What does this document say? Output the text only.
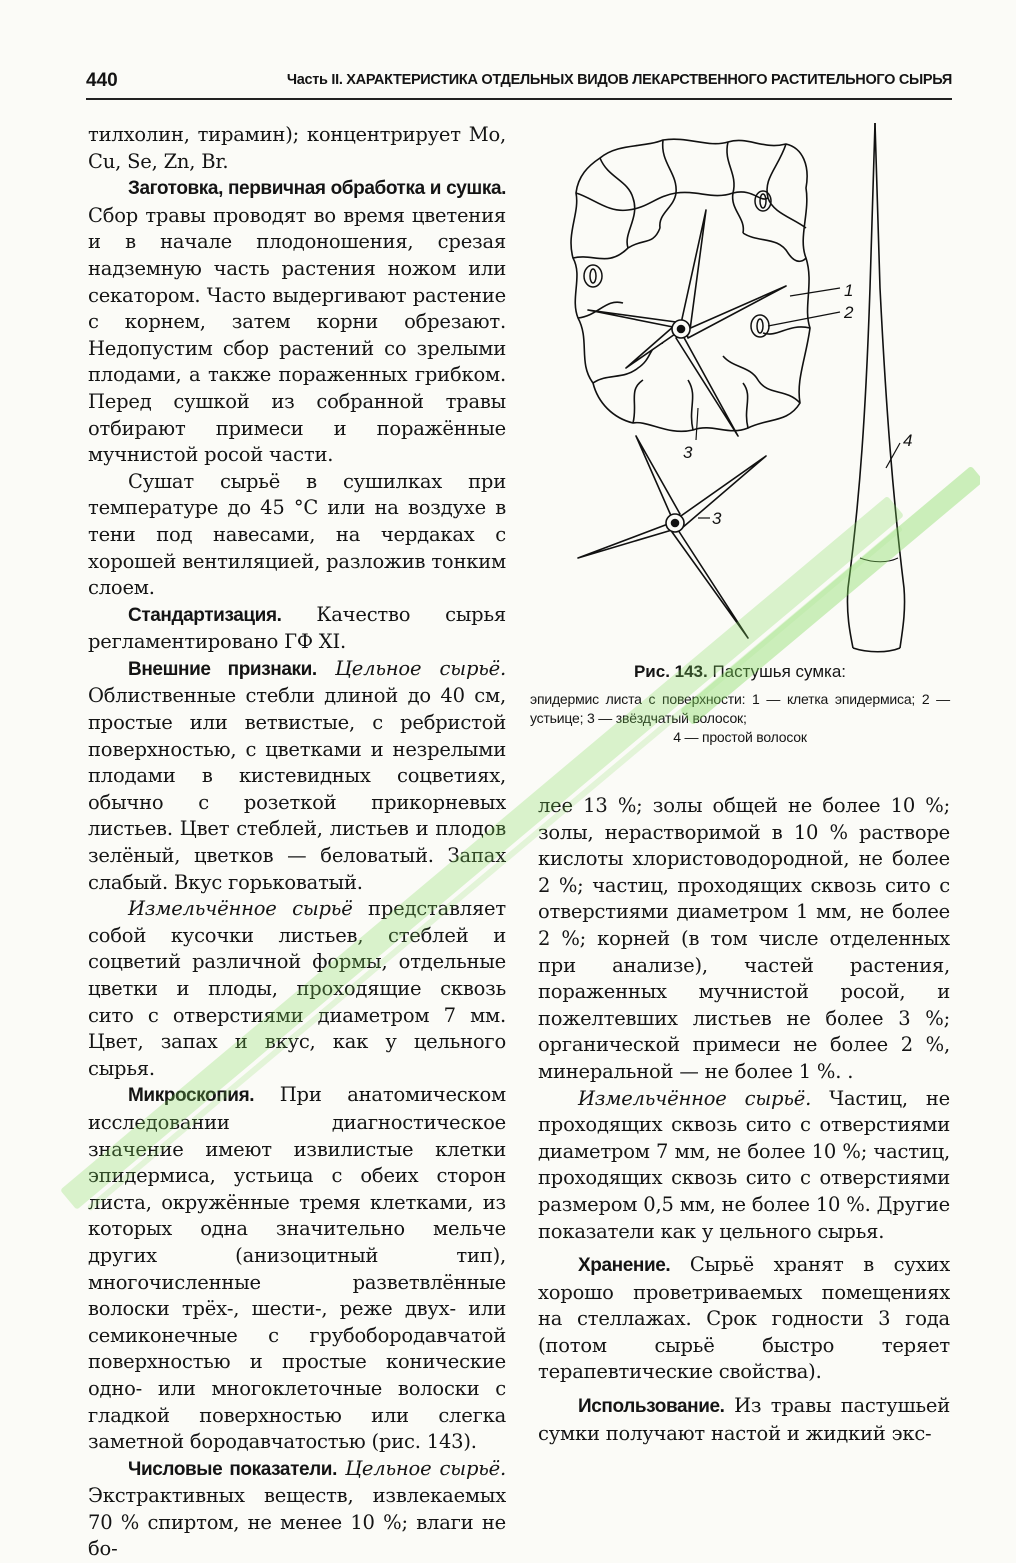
440	Часть II. ХАРАКТЕРИСТИКА ОТДЕЛЬНЫХ ВИДОВ ЛЕКАРСТВЕННОГО РАСТИТЕЛЬНОГО СЫРЬЯ

тилхолин, тирамин); концентрирует Mo, Cu, Se, Zn, Br.

Заготовка, первичная обработка и сушка. Сбор травы проводят во время цветения и в начале плодоношения, срезая надземную часть растения ножом или секатором. Часто выдергивают растение с корнем, затем корни обрезают. Недопустим сбор растений со зрелыми плодами, а также пораженных грибком. Перед сушкой из собранной травы отбирают примеси и поражённые мучнистой росой части.

Сушат сырьё в сушилках при температуре до 45 °С или на воздухе в тени под навесами, на чердаках с хорошей вентиляцией, разложив тонким слоем.

Стандартизация. Качество сырья регламентировано ГФ XI.

Внешние признаки. Цельное сырьё. Облиственные стебли длиной до 40 см, простые или ветвистые, с ребристой поверхностью, с цветками и незрелыми плодами в кистевидных соцветиях, обычно с розеткой прикорневых листьев. Цвет стеблей, листьев и плодов зелёный, цветков — беловатый. Запах слабый. Вкус горьковатый.

Измельчённое сырьё представляет собой кусочки листьев, стеблей и соцветий различной формы, отдельные цветки и плоды, проходящие сквозь сито с отверстиями диаметром 7 мм. Цвет, запах и вкус, как у цельного сырья.

Микроскопия. При анатомическом исследовании диагностическое значение имеют извилистые клетки эпидермиса, устьица с обеих сторон листа, окружённые тремя клетками, из которых одна значительно мельче других (анизоцитный тип), многочисленные разветвлённые волоски трёх-, шести-, реже двух- или семиконечные с грубобородавчатой поверхностью и простые конические одно- или многоклеточные волоски с гладкой поверхностью или слегка заметной бородавчатостью (рис. 143).

Числовые показатели. Цельное сырьё. Экстрактивных веществ, извлекаемых 70 % спиртом, не менее 10 %; влаги не бо-

1
2
3
3
4
Рис. 143. Пастушья сумка:
эпидермис листа с поверхности: 1 — клетка эпидермиса; 2 — устьице; 3 — звёздчатый волосок;
4 — простой волосок

лее 13 %; золы общей не более 10 %; золы, нерастворимой в 10 % растворе кислоты хлористоводородной, не более 2 %; частиц, проходящих сквозь сито с отверстиями диаметром 1 мм, не более 2 %; корней (в том числе отделенных при анализе), частей растения, пораженных мучнистой росой, и пожелтевших листьев не более 3 %; органической примеси не более 2 %, минеральной — не более 1 %. .

Измельчённое сырьё. Частиц, не проходящих сквозь сито с отверстиями диаметром 7 мм, не более 10 %; частиц, проходящих сквозь сито с отверстиями размером 0,5 мм, не более 10 %. Другие показатели как у цельного сырья.

Хранение. Сырьё хранят в сухих хорошо проветриваемых помещениях на стеллажах. Срок годности 3 года (потом сырьё быстро теряет терапевтические свойства).

Использование. Из травы пастушьей сумки получают настой и жидкий экс-
